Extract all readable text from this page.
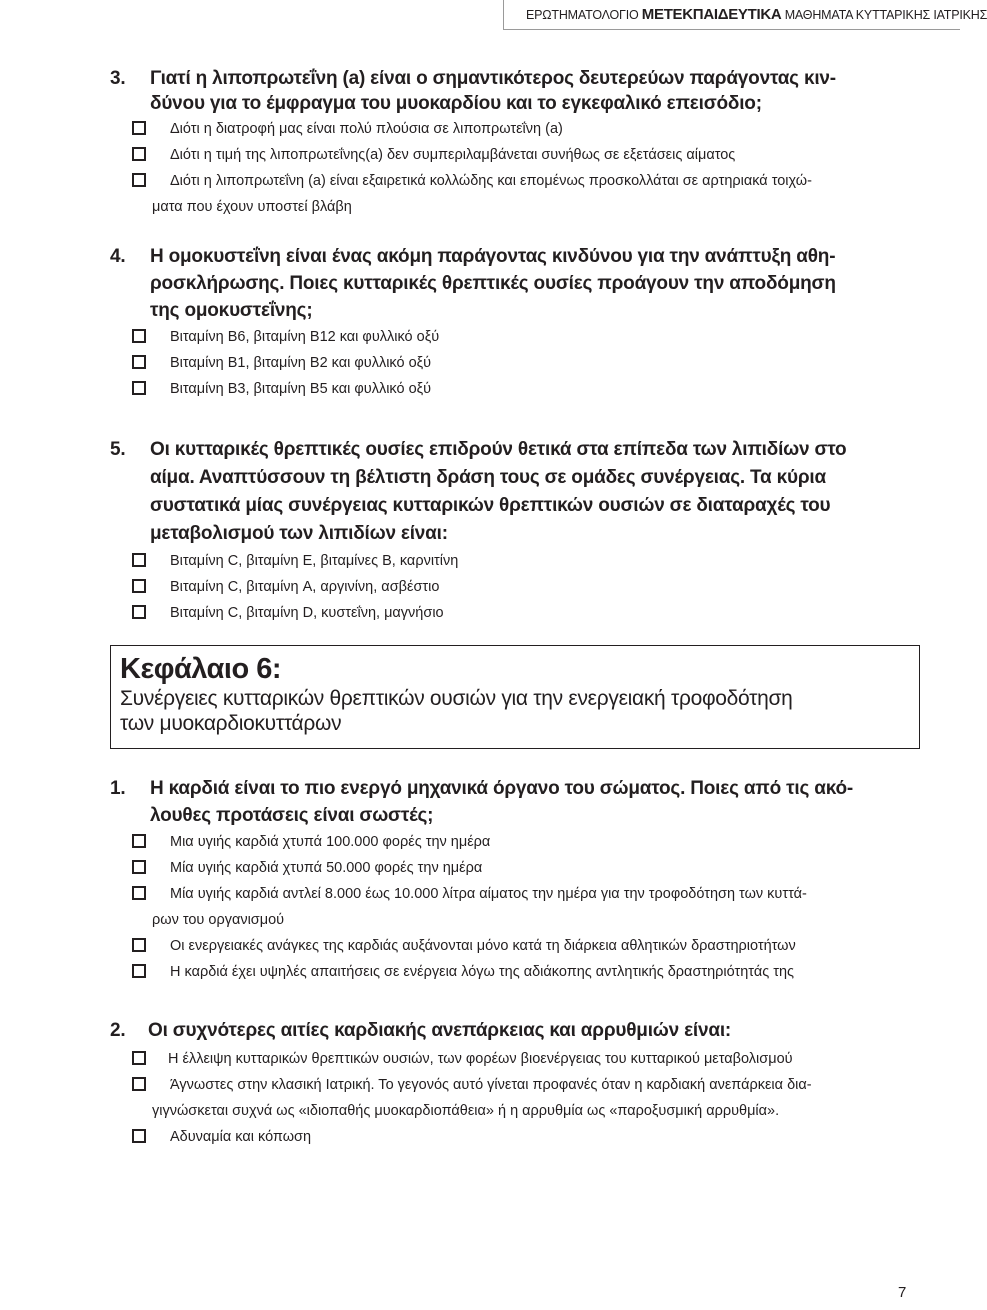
ΕΡΩΤΗΜΑΤΟΛΟΓΙΟ ΜΕΤΕΚΠΑΙΔΕΥΤΙΚΑ ΜΑΘΗΜΑΤΑ ΚΥΤΤΑΡΙΚΗΣ ΙΑΤΡΙΚΗΣ
3. Γιατί η λιποπρωτεΐνη (a) είναι ο σημαντικότερος δευτερεύων παράγοντας κιν-
δύνου για το έμφραγμα του μυοκαρδίου και το εγκεφαλικό επεισόδιο;
Διότι η διατροφή μας είναι πολύ πλούσια σε λιποπρωτεΐνη (a)
Διότι η τιμή της λιποπρωτεΐνης(a) δεν συμπεριλαμβάνεται συνήθως σε εξετάσεις αίματος
Διότι η λιποπρωτεΐνη (a) είναι εξαιρετικά κολλώδης και επομένως προσκολλάται σε αρτηριακά τοιχώ-
ματα που έχουν υποστεί βλάβη
4. Η ομοκυστεΐνη είναι ένας ακόμη παράγοντας κινδύνου για την ανάπτυξη αθη-
ροσκλήρωσης. Ποιες κυτταρικές θρεπτικές ουσίες προάγουν την αποδόμηση
της ομοκυστεΐνης;
Βιταμίνη B6, βιταμίνη B12 και φυλλικό οξύ
Βιταμίνη B1, βιταμίνη B2 και φυλλικό οξύ
Βιταμίνη B3, βιταμίνη B5 και φυλλικό οξύ
5. Οι κυτταρικές θρεπτικές ουσίες επιδρούν θετικά στα επίπεδα των λιπιδίων στο
αίμα. Αναπτύσσουν τη βέλτιστη δράση τους σε ομάδες συνέργειας. Τα κύρια
συστατικά μίας συνέργειας κυτταρικών θρεπτικών ουσιών σε διαταραχές του
μεταβολισμού των λιπιδίων είναι:
Βιταμίνη C, βιταμίνη E, βιταμίνες B, καρνιτίνη
Βιταμίνη C, βιταμίνη A, αργινίνη, ασβέστιο
Βιταμίνη C, βιταμίνη D, κυστεΐνη, μαγνήσιο
Κεφάλαιο 6:
Συνέργειες κυτταρικών θρεπτικών ουσιών για την ενεργειακή τροφοδότηση
των μυοκαρδιοκυττάρων
1. Η καρδιά είναι το πιο ενεργό μηχανικά όργανο του σώματος. Ποιες από τις ακό-
λουθες προτάσεις είναι σωστές;
Μια υγιής καρδιά χτυπά 100.000 φορές την ημέρα
Μία υγιής καρδιά χτυπά 50.000 φορές την ημέρα
Μία υγιής καρδιά αντλεί 8.000 έως 10.000 λίτρα αίματος την ημέρα για την τροφοδότηση των κυττά-
ρων του οργανισμού
Οι ενεργειακές ανάγκες της καρδιάς αυξάνονται μόνο κατά τη διάρκεια αθλητικών δραστηριοτήτων
Η καρδιά έχει υψηλές απαιτήσεις σε ενέργεια λόγω της αδιάκοπης αντλητικής δραστηριότητάς της
2. Οι συχνότερες αιτίες καρδιακής ανεπάρκειας και αρρυθμιών είναι:
Η έλλειψη κυτταρικών θρεπτικών ουσιών, των φορέων βιοενέργειας του κυτταρικού μεταβολισμού
Άγνωστες στην κλασική Ιατρική. Το γεγονός αυτό γίνεται προφανές όταν η καρδιακή ανεπάρκεια δια-
γιγνώσκεται συχνά ως «ιδιοπαθής μυοκαρδιοπάθεια» ή η αρρυθμία ως «παροξυσμική αρρυθμία».
Αδυναμία και κόπωση
7
